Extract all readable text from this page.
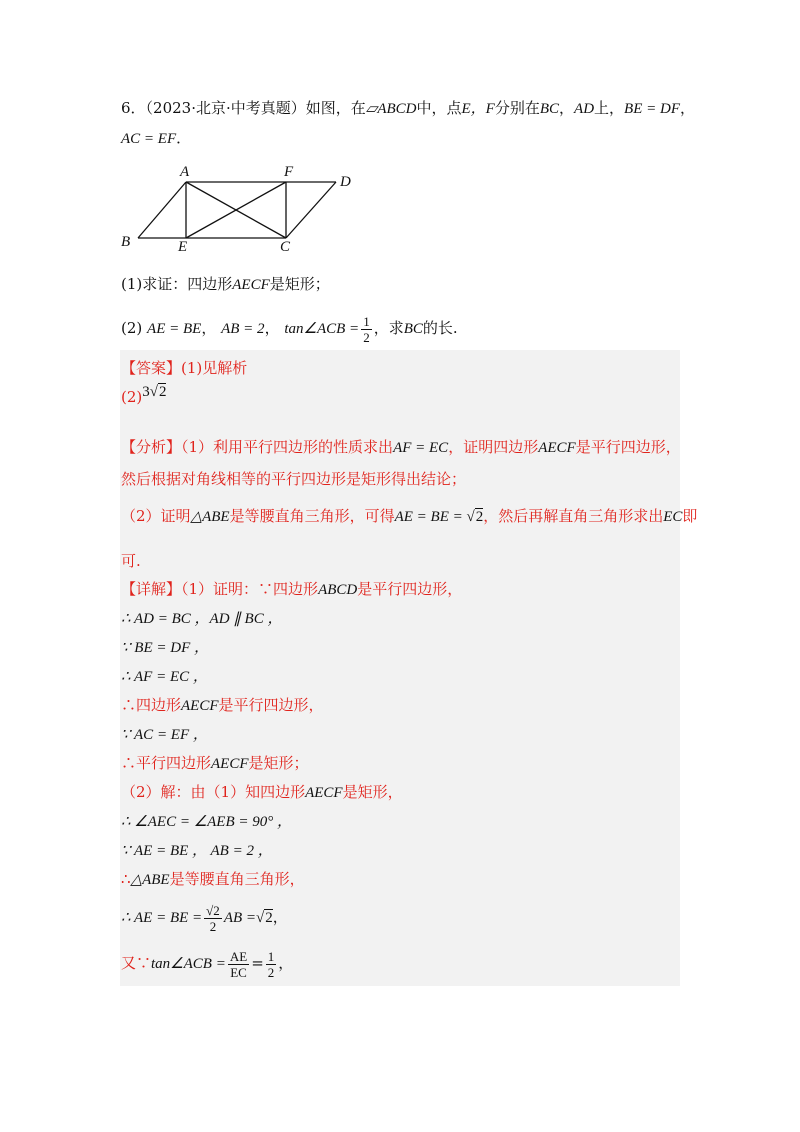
6．（2023·北京·中考真题）如图，在▱ABCD中，点E，F分别在BC，AD上，BE = DF，
AC = EF．
A	F
D
B	E	C
(1)求证：四边形AECF是矩形；
(2) AE = BE， AB = 2， tan∠ACB = $\frac{1}{2}$ ，求BC的长.
【答案】(1)见解析
(2)3√2
【分析】（1）利用平行四边形的性质求出AF = EC，证明四边形AECF是平行四边形，
然后根据对角线相等的平行四边形是矩形得出结论；
（2）证明△ABE是等腰直角三角形，可得AE = BE = √2，然后再解直角三角形求出EC即
可.
【详解】（1）证明：∵四边形ABCD是平行四边形，
∴ AD = BC ，AD ∥ BC ，
∵ BE = DF ，
∴ AF = EC ，
∴四边形AECF是平行四边形，
∵ AC = EF ，
∴平行四边形AECF是矩形；
（2）解：由（1）知四边形AECF是矩形，
∴ ∠AEC = ∠AEB = 90° ，
∵ AE = BE ， AB = 2 ，
∴△ABE是等腰直角三角形，
∴ AE = BE = $\frac{√2}{2}$ AB =√2，
又∵tan∠ACB = $\frac{AE}{EC} = \frac{1}{2}$ ，
